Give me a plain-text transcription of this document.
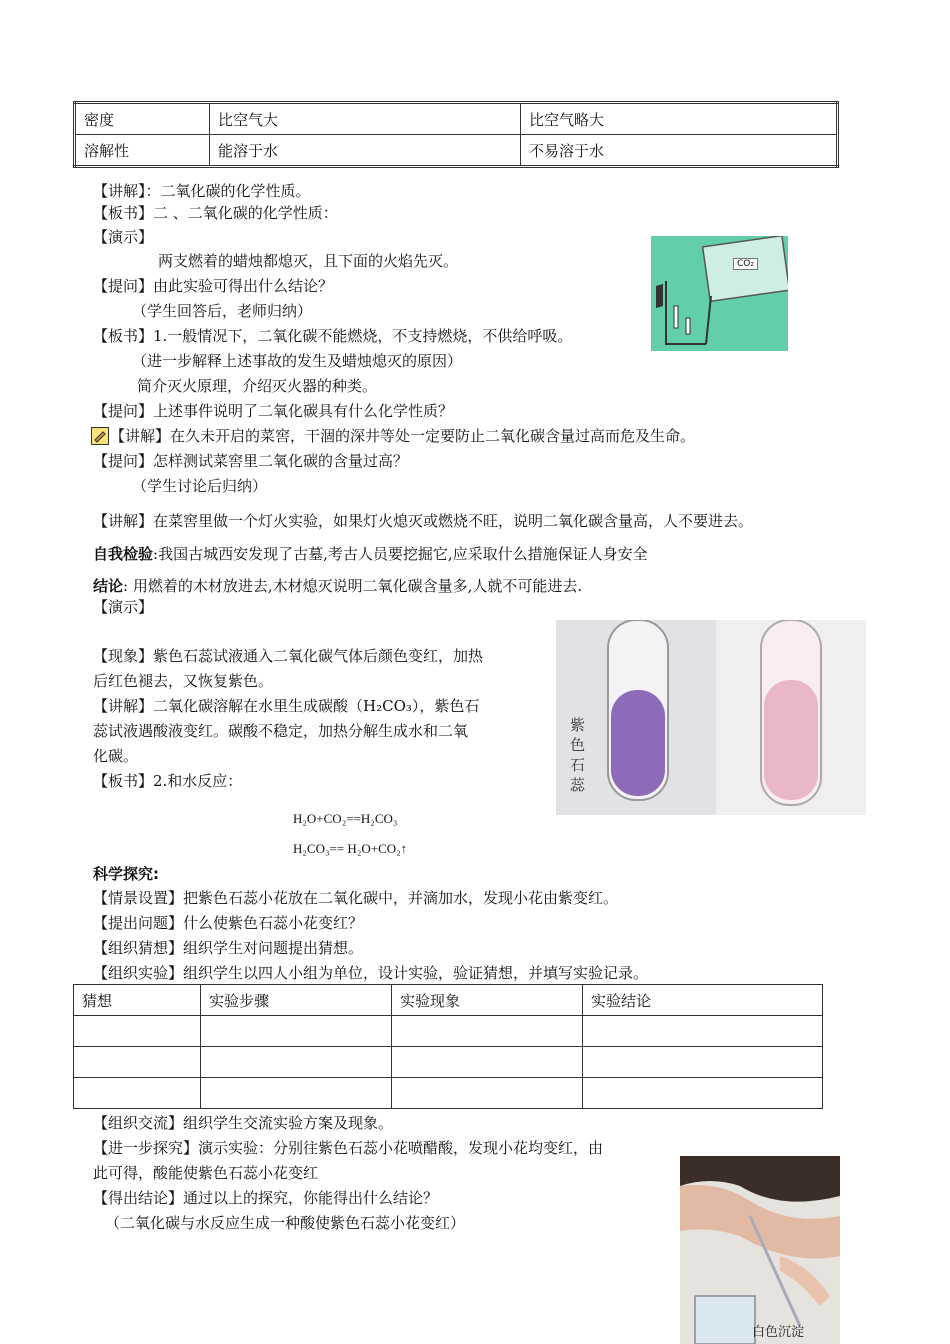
密度	比空气大	比空气略大
溶解性	能溶于水	不易溶于水
【讲解】：二氧化碳的化学性质。
【板书】二 、二氧化碳的化学性质：
【演示】
两支燃着的蜡烛都熄灭，且下面的火焰先灭。
【提问】由此实验可得出什么结论？
（学生回答后，老师归纳）
【板书】1.一般情况下，二氧化碳不能燃烧，不支持燃烧，不供给呼吸。
（进一步解释上述事故的发生及蜡烛熄灭的原因）
简介灭火原理，介绍灭火器的种类。
【提问】上述事件说明了二氧化碳具有什么化学性质？
【讲解】在久未开启的菜窖，干涸的深井等处一定要防止二氧化碳含量过高而危及生命。
【提问】怎样测试菜窖里二氧化碳的含量过高？
（学生讨论后归纳）
【讲解】在菜窖里做一个灯火实验，如果灯火熄灭或燃烧不旺，说明二氧化碳含量高，人不要进去。
自我检验:我国古城西安发现了古墓,考古人员要挖掘它,应采取什么措施保证人身安全
结论: 用燃着的木材放进去,木材熄灭说明二氧化碳含量多,人就不可能进去.
【演示】
【现象】紫色石蕊试液通入二氧化碳气体后颜色变红，加热
后红色褪去，又恢复紫色。
【讲解】二氧化碳溶解在水里生成碳酸（H₂CO₃），紫色石
蕊试液遇酸液变红。碳酸不稳定，加热分解生成水和二氧
化碳。
【板书】2.和水反应：
H₂O+CO₂==H₂CO₃
H₂CO₃== H₂O+CO₂↑
科学探究:
【情景设置】把紫色石蕊小花放在二氧化碳中，并滴加水，发现小花由紫变红。
【提出问题】什么使紫色石蕊小花变红？
【组织猜想】组织学生对问题提出猜想。
【组织实验】组织学生以四人小组为单位，设计实验，验证猜想，并填写实验记录。
猜想	实验步骤	实验现象	实验结论

【组织交流】组织学生交流实验方案及现象。
【进一步探究】演示实验：分别往紫色石蕊小花喷醋酸，发现小花均变红，由
此可得，酸能使紫色石蕊小花变红
【得出结论】通过以上的探究，你能得出什么结论？
（二氧化碳与水反应生成一种酸使紫色石蕊小花变红）
CO₂
紫色石蕊
白色沉淀
